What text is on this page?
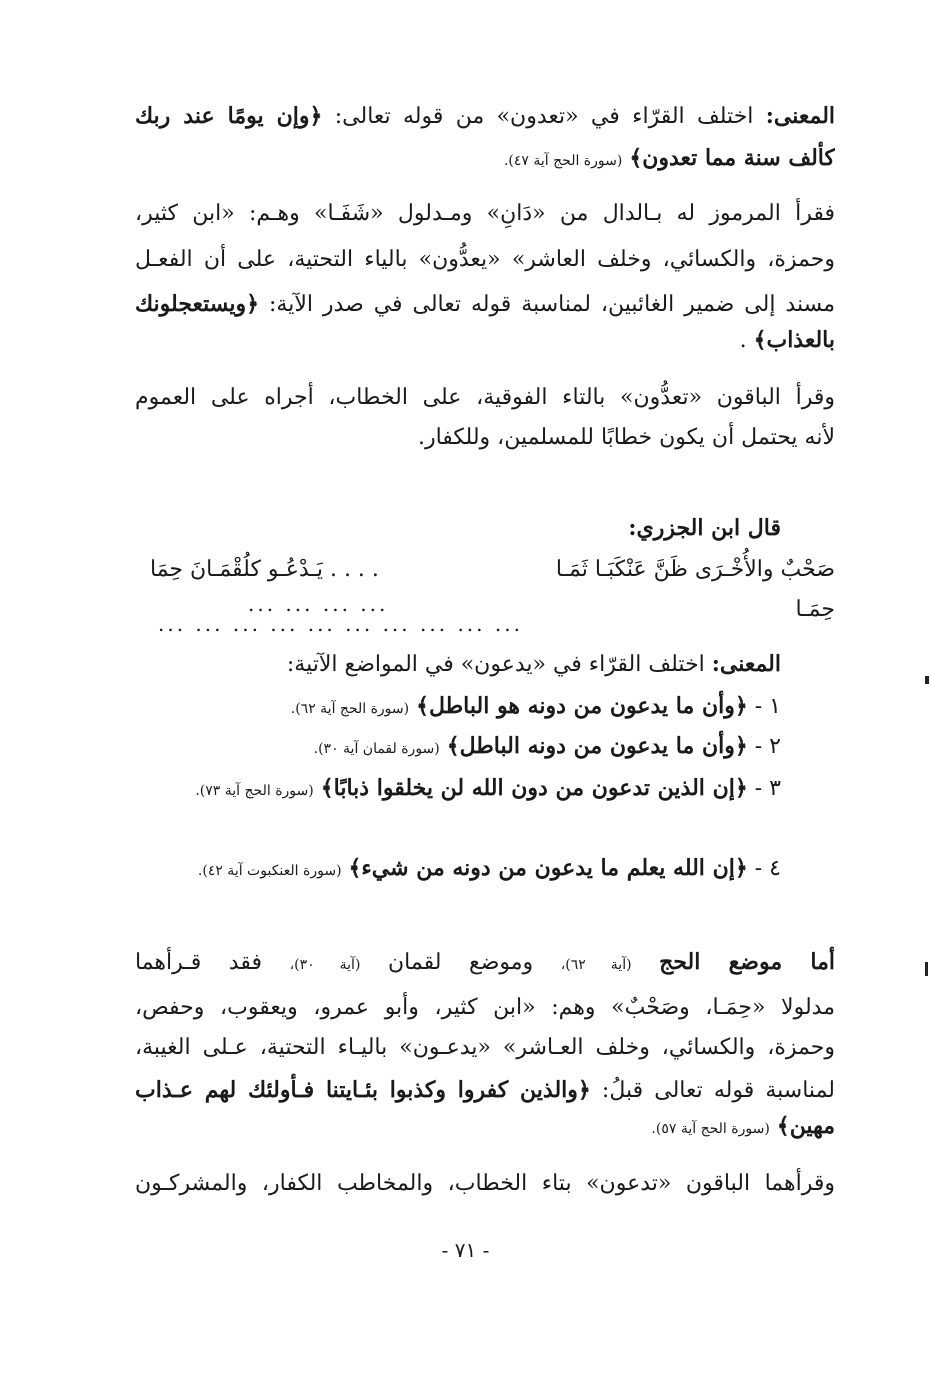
المعنى: اختلف القرّاء في «تعدون» من قوله تعالى: ﴿وإن يومًا عند ربك
كألف سنة مما تعدون﴾ (سورة الحج آية ٤٧).
فقرأ المرموز له بـالدال من «دَانِ» ومـدلول «شَفَـا» وهـم: «ابن كثير،
وحمزة، والكسائي، وخلف العاشر» «يعدُّون» بالياء التحتية، على أن الفعـل
مسند إلى ضمير الغائبين، لمناسبة قوله تعالى في صدر الآية: ﴿ويستعجلونك
بالعذاب﴾ .
وقرأ الباقون «تعدُّون» بالتاء الفوقية، على الخطاب، أجراه على العموم
لأنه يحتمل أن يكون خطابًا للمسلمين، وللكفار.
قال ابن الجزري:
صَحْبٌ والأُخْـرَى ظَنَّ عَنْكَبَـا ثَمَـا
. . . . يَـدْعُـو كلُقْمَـانَ حِمَا
حِمَـا
... ... ... ...
... ... ... ... ... ... ... ... ... ...
المعنى: اختلف القرّاء في «يدعون» في المواضع الآتية:
١ - ﴿وأن ما يدعون من دونه هو الباطل﴾ (سورة الحج آية ٦٢).
٢ - ﴿وأن ما يدعون من دونه الباطل﴾ (سورة لقمان آية ٣٠).
٣ - ﴿إن الذين تدعون من دون الله لن يخلقوا ذبابًا﴾ (سورة الحج آية ٧٣).
٤ - ﴿إن الله يعلم ما يدعون من دونه من شيء﴾ (سورة العنكبوت آية ٤٢).
أما موضع الحج (آية ٦٢)، وموضع لقمان (آية ٣٠)، فقد قـرأهما
مدلولا «حِمَـا، وصَحْبٌ» وهم: «ابن كثير، وأبو عمرو، ويعقوب، وحفص،
وحمزة، والكسائي، وخلف العـاشر» «يدعـون» باليـاء التحتية، عـلى الغيبة،
لمناسبة قوله تعالى قبلُ: ﴿والذين كفروا وكذبوا بئـايتنا فـأولئك لهم عـذاب
مهين﴾ (سورة الحج آية ٥٧).
وقرأهما الباقون «تدعون» بتاء الخطاب، والمخاطب الكفار، والمشركـون
- ٧١ -
